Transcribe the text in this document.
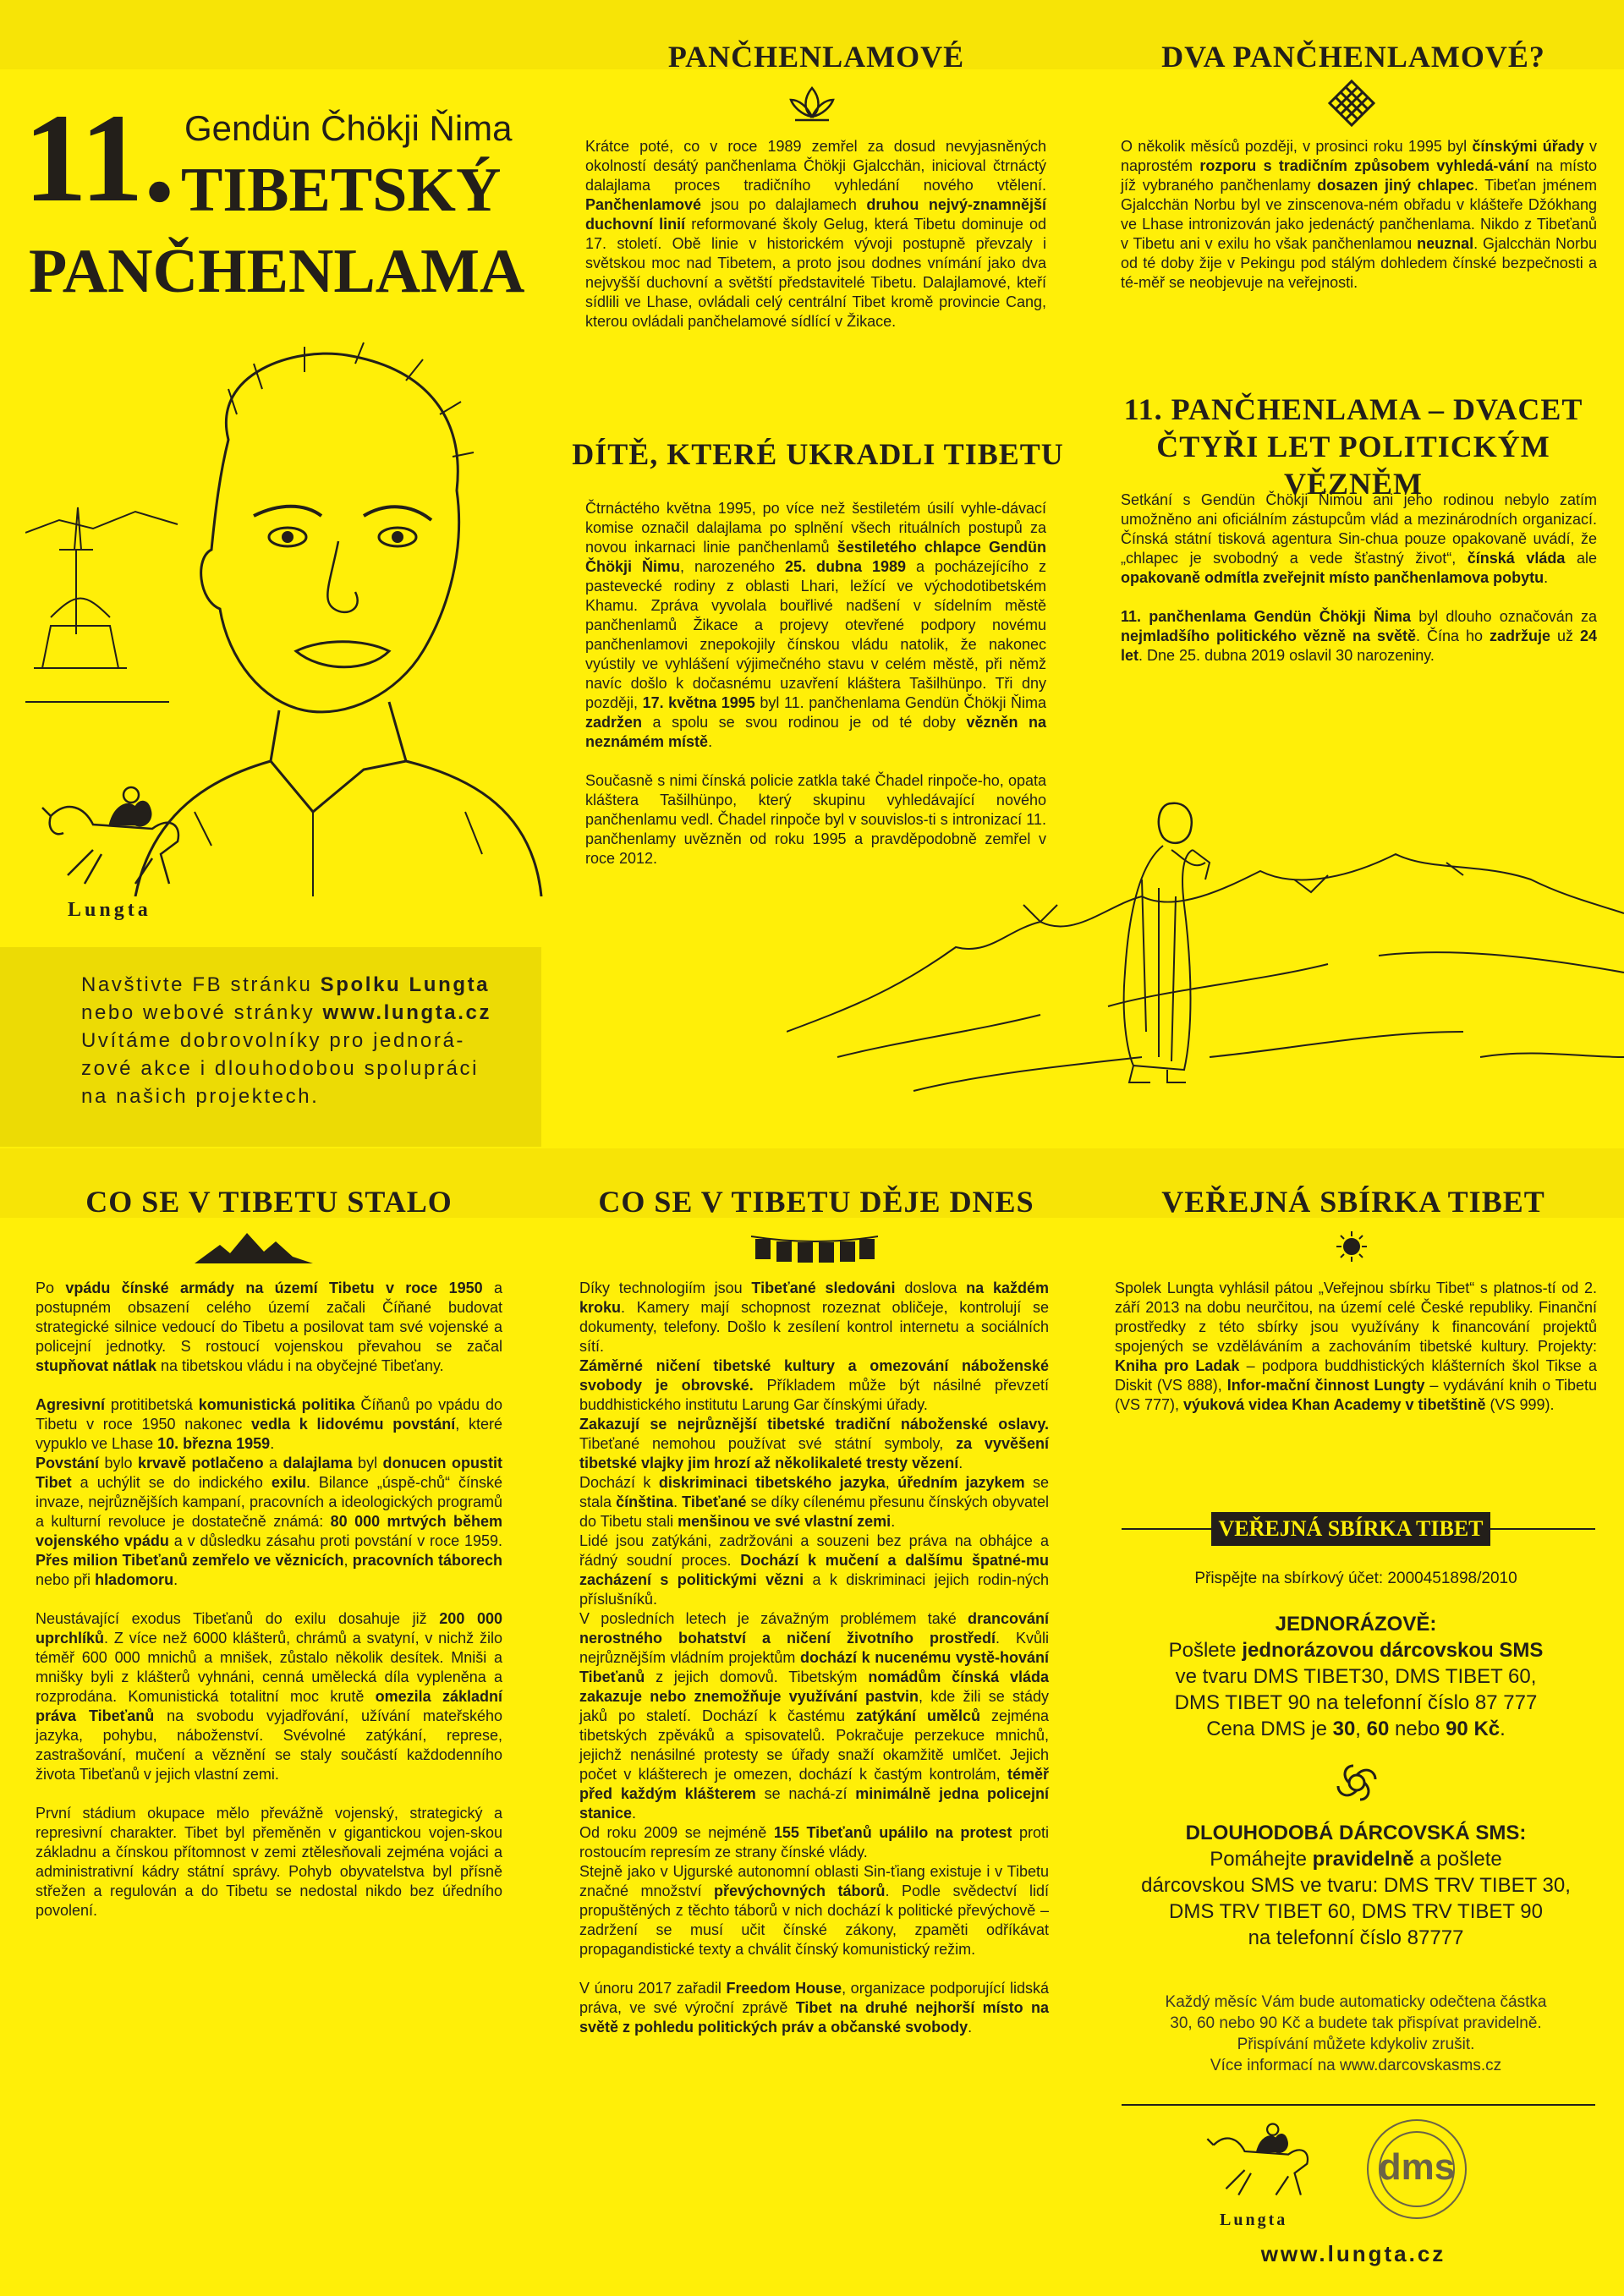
11. Gendün Čhökji Ňima
TIBETSKÝ
PANČHENLAMA
Lungta
Navštivte FB stránku Spolku Lungta
nebo webové stránky www.lungta.cz
Uvítáme dobrovolníky pro jednorá-
zové akce i dlouhodobou spolupráci
na našich projektech.
PANČHENLAMOVÉ

Krátce poté, co v roce 1989 zemřel za dosud nevyjasněných okolností desátý pančhenlama Čhökji Gjalcchän, inicioval čtrnáctý dalajlama proces tradičního vyhledání nového vtělení. Pančhenlamové jsou po dalajlamech druhou nejvý-znamnější duchovní linií reformované školy Gelug, která Tibetu dominuje od 17. století. Obě linie v historickém vývoji postupně převzaly i světskou moc nad Tibetem, a proto jsou dodnes vnímání jako dva nejvyšší duchovní a světští představitelé Tibetu. Dalajlamové, kteří sídlili ve Lhase, ovládali celý centrální Tibet kromě provincie Cang, kterou ovládali pančhelamové sídlící v Žikace.

DVA PANČHENLAMOVÉ?

O několik měsíců později, v prosinci roku 1995 byl čínskými úřady v naprostém rozporu s tradičním způsobem vyhledá-vání na místo jíž vybraného pančhenlamy dosazen jiný chlapec. Tibeťan jménem Gjalcchän Norbu byl ve zinscenova-ném obřadu v klášteře Džókhang ve Lhase intronizován jako jedenáctý pančhenlama. Nikdo z Tibeťanů v Tibetu ani v exilu ho však pančhenlamou neuznal. Gjalcchän Norbu od té doby žije v Pekingu pod stálým dohledem čínské bezpečnosti a té-měř se neobjevuje na veřejnosti.

DÍTĚ, KTERÉ UKRADLI TIBETU

Čtrnáctého května 1995, po více než šestiletém úsilí vyhle-dávací komise označil dalajlama po splnění všech rituálních postupů za novou inkarnaci linie pančhenlamů šestiletého chlapce Gendün Čhökji Ňimu, narozeného 25. dubna 1989 a pocházejícího z pastevecké rodiny z oblasti Lhari, ležící ve východotibetském Khamu. Zpráva vyvolala bouřlivé nadšení v sídelním městě pančhenlamů Žikace a projevy otevřené podpory novému pančhenlamovi znepokojily čínskou vládu natolik, že nakonec vyústily ve vyhlášení výjimečného stavu v celém městě, při němž navíc došlo k dočasnému uzavření kláštera Tašilhünpo. Tři dny později, 17. května 1995 byl 11. pančhenlama Gendün Čhökji Ňima zadržen a spolu se svou rodinou je od té doby vězněn na neznámém místě.

Současně s nimi čínská policie zatkla také Čhadel rinpoče-ho, opata kláštera Tašilhünpo, který skupinu vyhledávající nového pančhenlamu vedl. Čhadel rinpoče byl v souvislos-ti s intronizací 11. pančhenlamy uvězněn od roku 1995 a pravděpodobně zemřel v roce 2012.

11. PANČHENLAMA – DVACET
ČTYŘI LET POLITICKÝM VĚZNĚM

Setkání s Gendün Čhökji Ňimou ani jeho rodinou nebylo zatím umožněno ani oficiálním zástupcům vlád a mezinárodních organizací. Čínská státní tisková agentura Sin-chua pouze opakovaně uvádí, že „chlapec je svobodný a vede šťastný život“, čínská vláda ale opakovaně odmítla zveřejnit místo pančhenlamova pobytu.

11. pančhenlama Gendün Čhökji Ňima byl dlouho označován za nejmladšího politického vězně na světě. Čína ho zadržuje už 24 let. Dne 25. dubna 2019 oslavil 30 narozeniny.

CO SE V TIBETU STALO

Po vpádu čínské armády na území Tibetu v roce 1950 a postupném obsazení celého území začali Číňané budovat strategické silnice vedoucí do Tibetu a posilovat tam své vojenské a policejní jednotky. S rostoucí vojenskou převahou se začal stupňovat nátlak na tibetskou vládu i na obyčejné Tibeťany.

Agresivní protitibetská komunistická politika Číňanů po vpádu do Tibetu v roce 1950 nakonec vedla k lidovému povstání, které vypuklo ve Lhase 10. března 1959.

Povstání bylo krvavě potlačeno a dalajlama byl donucen opustit Tibet a uchýlit se do indického exilu. Bilance „úspě-chů“ čínské invaze, nejrůznějších kampaní, pracovních a ideologických programů a kulturní revoluce je dostatečně známá: 80 000 mrtvých během vojenského vpádu a v důsledku zásahu proti povstání v roce 1959. Přes milion Tibeťanů zemřelo ve věznicích, pracovních táborech nebo při hladomoru.

Neustávající exodus Tibeťanů do exilu dosahuje již 200 000 uprchlíků. Z více než 6000 klášterů, chrámů a svatyní, v nichž žilo téměř 600 000 mnichů a mnišek, zůstalo několik desítek. Mniši a mnišky byli z klášterů vyhnáni, cenná umělecká díla vypleněna a rozprodána. Komunistická totalitní moc krutě omezila základní práva Tibeťanů na svobodu vyjadřování, užívání mateřského jazyka, pohybu, náboženství. Svévolné zatýkání, represe, zastrašování, mučení a věznění se staly součástí každodenního života Tibeťanů v jejich vlastní zemi.

První stádium okupace mělo převážně vojenský, strategický a represivní charakter. Tibet byl přeměněn v gigantickou vojen-skou základnu a čínskou přítomnost v zemi ztělesňovali zejména vojáci a administrativní kádry státní správy. Pohyb obyvatelstva byl přísně střežen a regulován a do Tibetu se nedostal nikdo bez úředního povolení.

CO SE V TIBETU DĚJE DNES

Díky technologiím jsou Tibeťané sledováni doslova na každém kroku. Kamery mají schopnost rozeznat obličeje, kontrolují se dokumenty, telefony. Došlo k zesílení kontrol internetu a sociálních sítí.

Záměrné ničení tibetské kultury a omezování náboženské svobody je obrovské. Příkladem může být násilné převzetí buddhistického institutu Larung Gar čínskými úřady.

Zakazují se nejrůznější tibetské tradiční náboženské oslavy. Tibeťané nemohou používat své státní symboly, za vyvěšení tibetské vlajky jim hrozí až několikaleté tresty vězení.

Dochází k diskriminaci tibetského jazyka, úředním jazykem se stala čínština. Tibeťané se díky cílenému přesunu čínských obyvatel do Tibetu stali menšinou ve své vlastní zemi.

Lidé jsou zatýkáni, zadržováni a souzeni bez práva na obhájce a řádný soudní proces. Dochází k mučení a dalšímu špatné-mu zacházení s politickými vězni a k diskriminaci jejich rodin-ných příslušníků.

V posledních letech je závažným problémem také drancování nerostného bohatství a ničení životního prostředí. Kvůli nejrůznějším vládním projektům dochází k nucenému vystě-hování Tibeťanů z jejich domovů. Tibetským nomádům čínská vláda zakazuje nebo znemožňuje využívání pastvin, kde žili se stády jaků po staletí. Dochází k častému zatýkání umělců zejména tibetských zpěváků a spisovatelů. Pokračuje perzekuce mnichů, jejichž nenásilné protesty se úřady snaží okamžitě umlčet. Jejich počet v klášterech je omezen, dochází k častým kontrolám, téměř před každým klášterem se nachá-zí minimálně jedna policejní stanice.

Od roku 2009 se nejméně 155 Tibeťanů upálilo na protest proti rostoucím represím ze strany čínské vlády.

Stejně jako v Ujgurské autonomní oblasti Sin-ťiang existuje i v Tibetu značné množství převýchovných táborů. Podle svědectví lidí propuštěných z těchto táborů v nich dochází k politické převýchově – zadržení se musí učit čínské zákony, zpaměti odříkávat propagandistické texty a chválit čínský komunistický režim.

V únoru 2017 zařadil Freedom House, organizace podporující lidská práva, ve své výroční zprávě Tibet na druhé nejhorší místo na světě z pohledu politických práv a občanské svobody.

VEŘEJNÁ SBÍRKA TIBET

Spolek Lungta vyhlásil pátou „Veřejnou sbírku Tibet“ s platnos-tí od 2. září 2013 na dobu neurčitou, na území celé České republiky. Finanční prostředky z této sbírky jsou využívány k financování projektů spojených se vzděláváním a zachováním tibetské kultury. Projekty: Kniha pro Ladak – podpora buddhistických klášterních škol Tikse a Diskit (VS 888), Infor-mační činnost Lungty – vydávání knih o Tibetu (VS 777), výuková videa Khan Academy v tibetštině (VS 999).

VEŘEJNÁ SBÍRKA TIBET
Přispějte na sbírkový účet: 2000451898/2010
JEDNORÁZOVĚ:
Pošlete jednorázovou dárcovskou SMS
ve tvaru DMS TIBET30, DMS TIBET 60,
DMS TIBET 90 na telefonní číslo 87 777
Cena DMS je 30, 60 nebo 90 Kč.
DLOUHODOBÁ DÁRCOVSKÁ SMS:
Pomáhejte pravidelně a pošlete
dárcovskou SMS ve tvaru: DMS TRV TIBET 30,
DMS TRV TIBET 60, DMS TRV TIBET 90
na telefonní číslo 87777
Každý měsíc Vám bude automaticky odečtena částka
30, 60 nebo 90 Kč a budete tak přispívat pravidelně.
Přispívání můžete kdykoliv zrušit.
Více informací na www.darcovskasms.cz
Lungta
dms
www.lungta.cz
